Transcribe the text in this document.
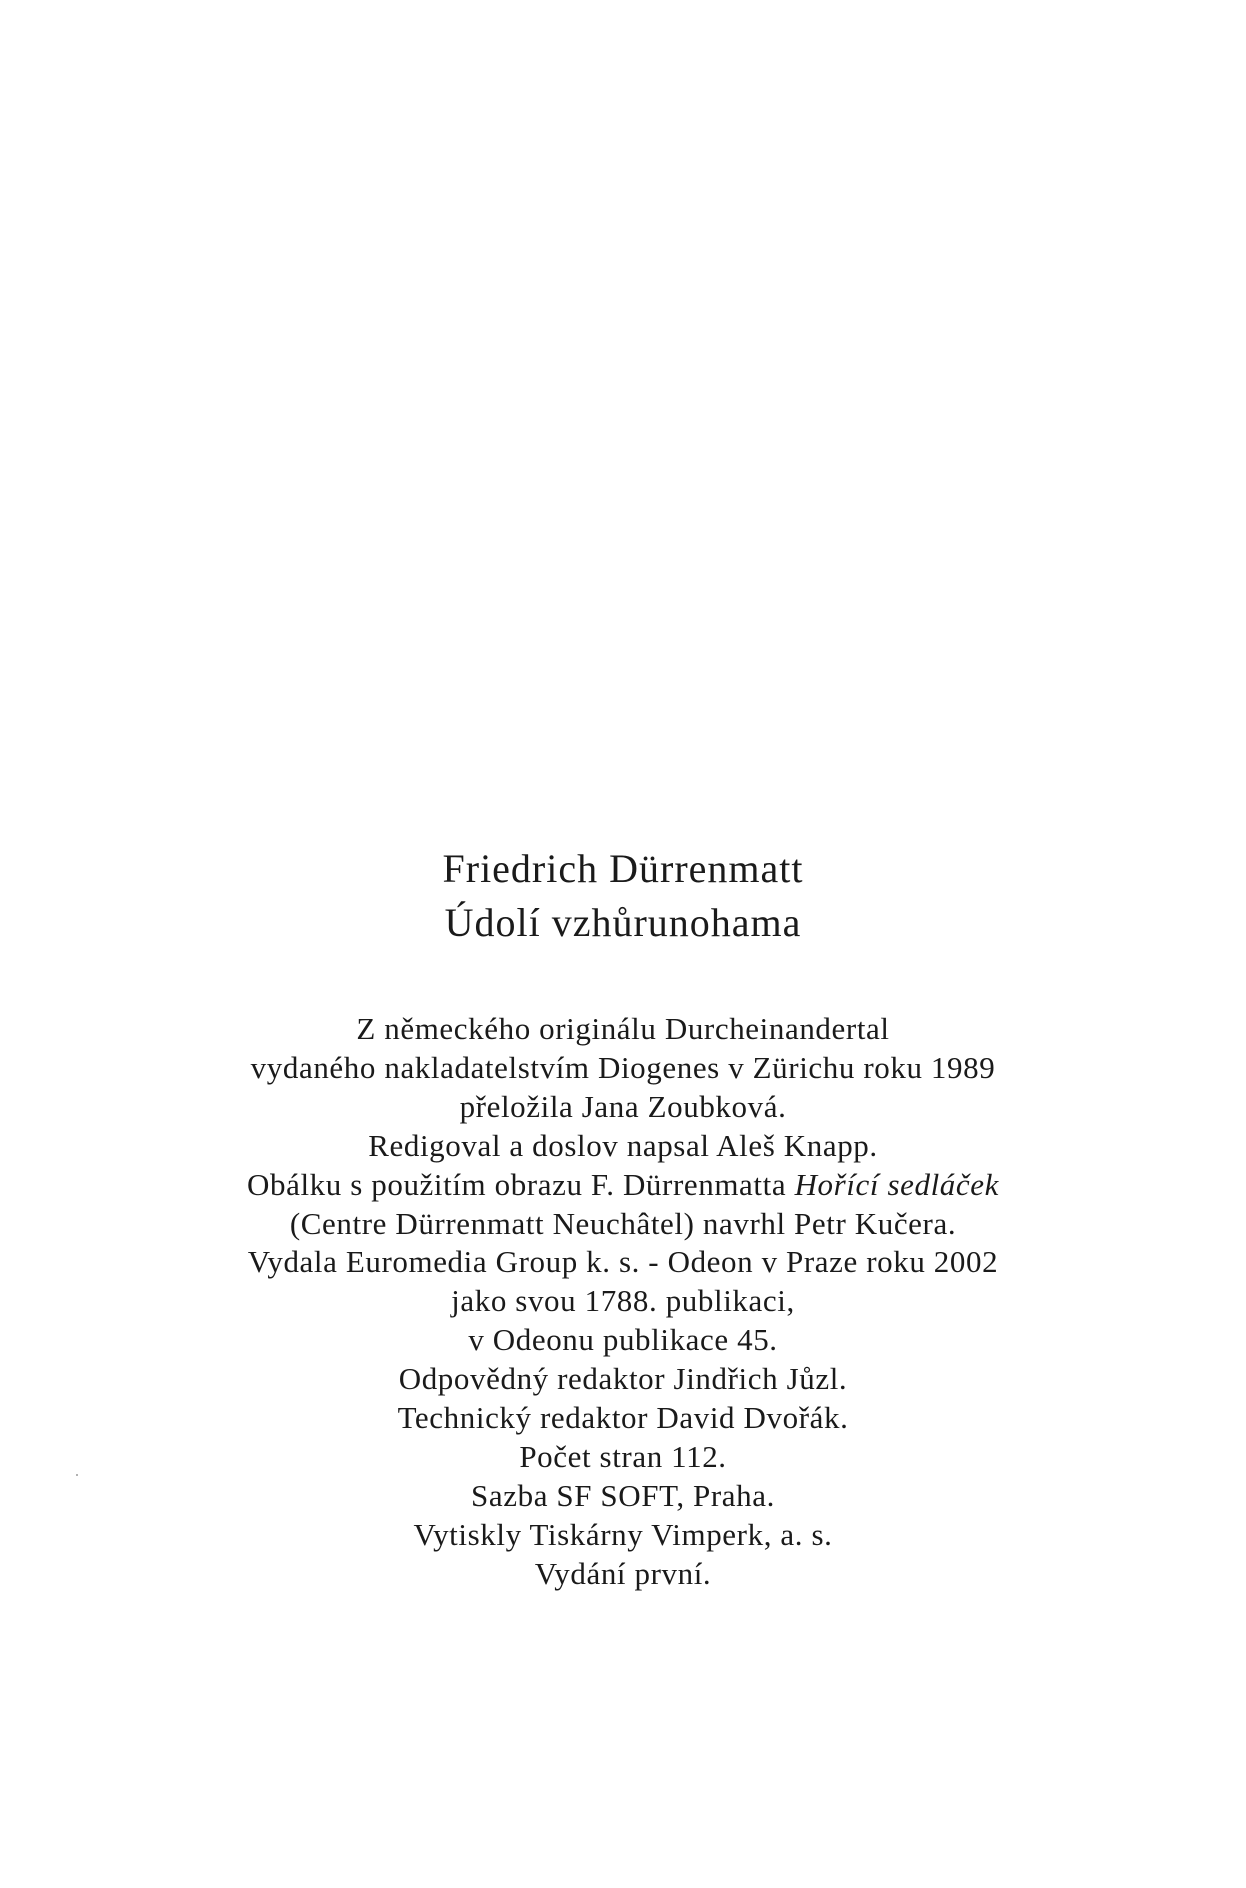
Friedrich Dürrenmatt
Údolí vzhůrunohama
Z německého originálu Durcheinandertal
vydaného nakladatelstvím Diogenes v Zürichu roku 1989
přeložila Jana Zoubková.
Redigoval a doslov napsal Aleš Knapp.
Obálku s použitím obrazu F. Dürrenmatta Hořící sedláček
(Centre Dürrenmatt Neuchâtel) navrhl Petr Kučera.
Vydala Euromedia Group k. s. - Odeon v Praze roku 2002
jako svou 1788. publikaci,
v Odeonu publikace 45.
Odpovědný redaktor Jindřich Jůzl.
Technický redaktor David Dvořák.
Počet stran 112.
Sazba SF SOFT, Praha.
Vytiskly Tiskárny Vimperk, a. s.
Vydání první.
